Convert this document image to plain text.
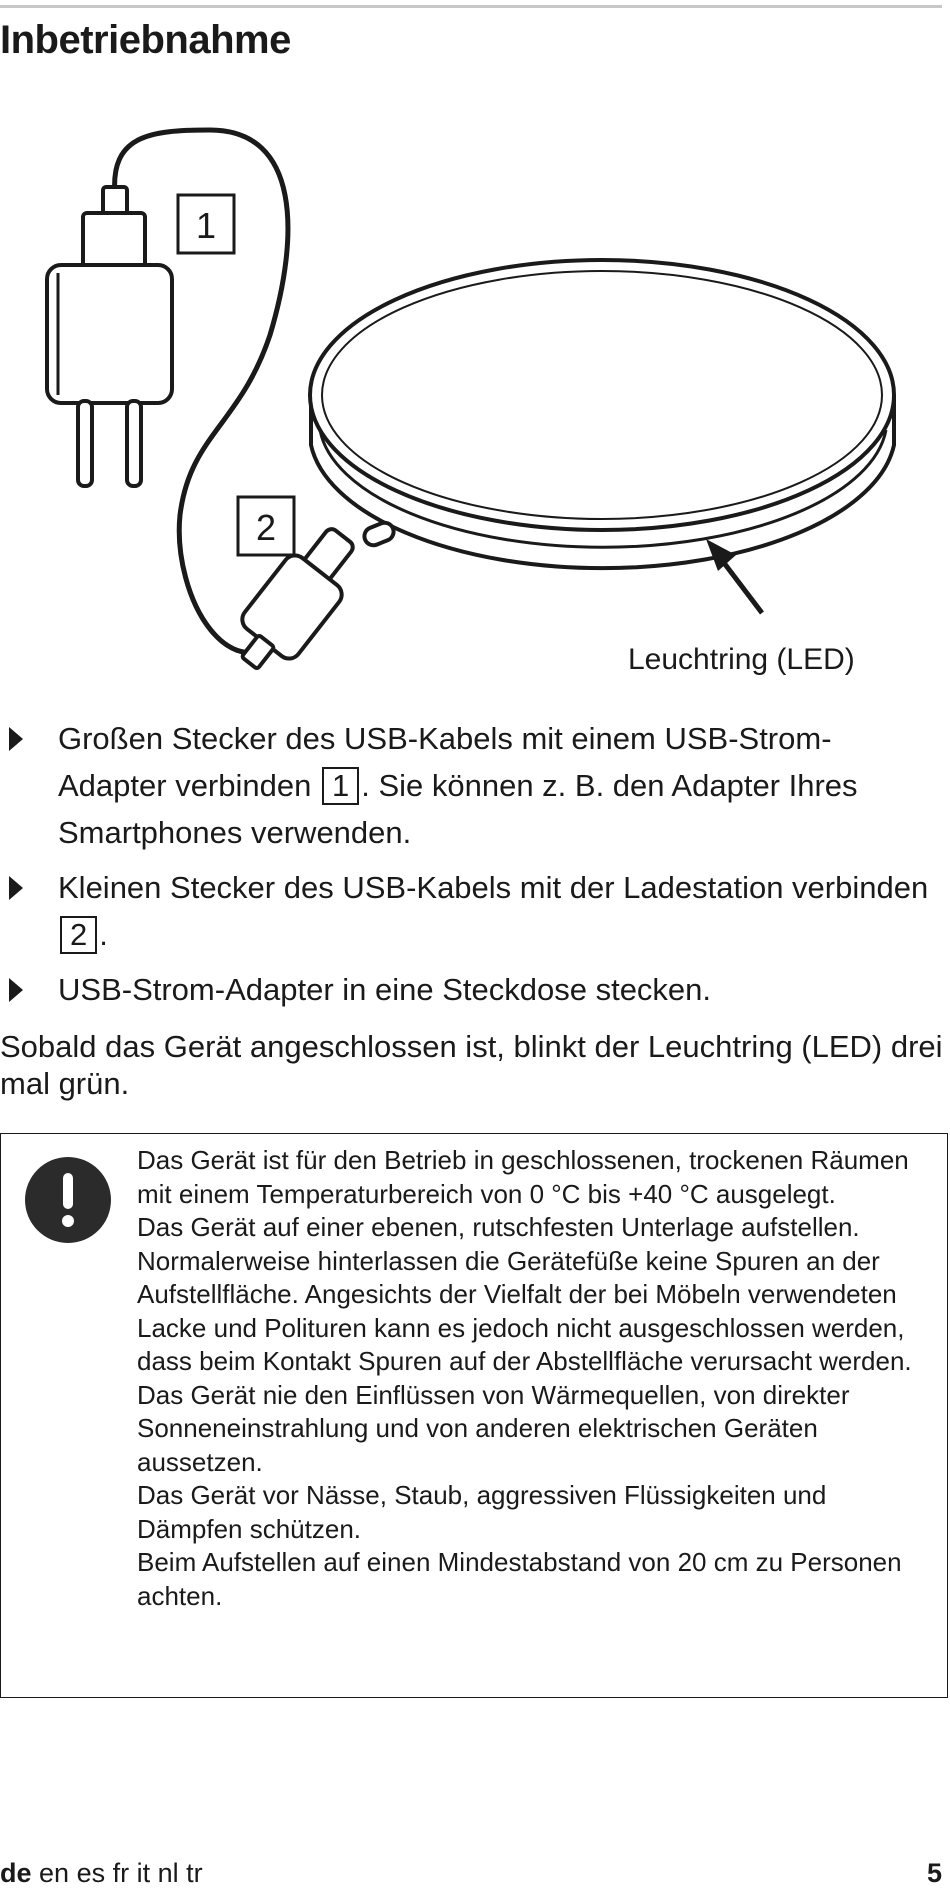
Inbetriebnahme
1
2
Leuchtring (LED)
Großen Stecker des USB-Kabels mit einem USB-Strom-Adapter verbinden 1 . Sie können z. B. den Adapter Ihres Smartphones verwenden.
Kleinen Stecker des USB-Kabels mit der Ladestation verbinden 2 .
USB-Strom-Adapter in eine Steckdose stecken.

Sobald das Gerät angeschlossen ist, blinkt der Leuchtring (LED) drei mal grün.

Das Gerät ist für den Betrieb in geschlossenen, trockenen Räumen mit einem Temperaturbereich von 0 °C bis +40 °C ausgelegt.

Das Gerät auf einer ebenen, rutschfesten Unterlage aufstellen. Normalerweise hinterlassen die Gerätefüße keine Spuren an der Aufstellfläche. Angesichts der Vielfalt der bei Möbeln verwendeten Lacke und Polituren kann es jedoch nicht ausgeschlossen werden, dass beim Kontakt Spuren auf der Abstellfläche verursacht werden.

Das Gerät nie den Einflüssen von Wärmequellen, von direkter Sonneneinstrahlung und von anderen elektrischen Geräten aussetzen.

Das Gerät vor Nässe, Staub, aggressiven Flüssigkeiten und Dämpfen schützen.

Beim Aufstellen auf einen Mindestabstand von 20 cm zu Personen achten.

de en es fr it nl tr	5
